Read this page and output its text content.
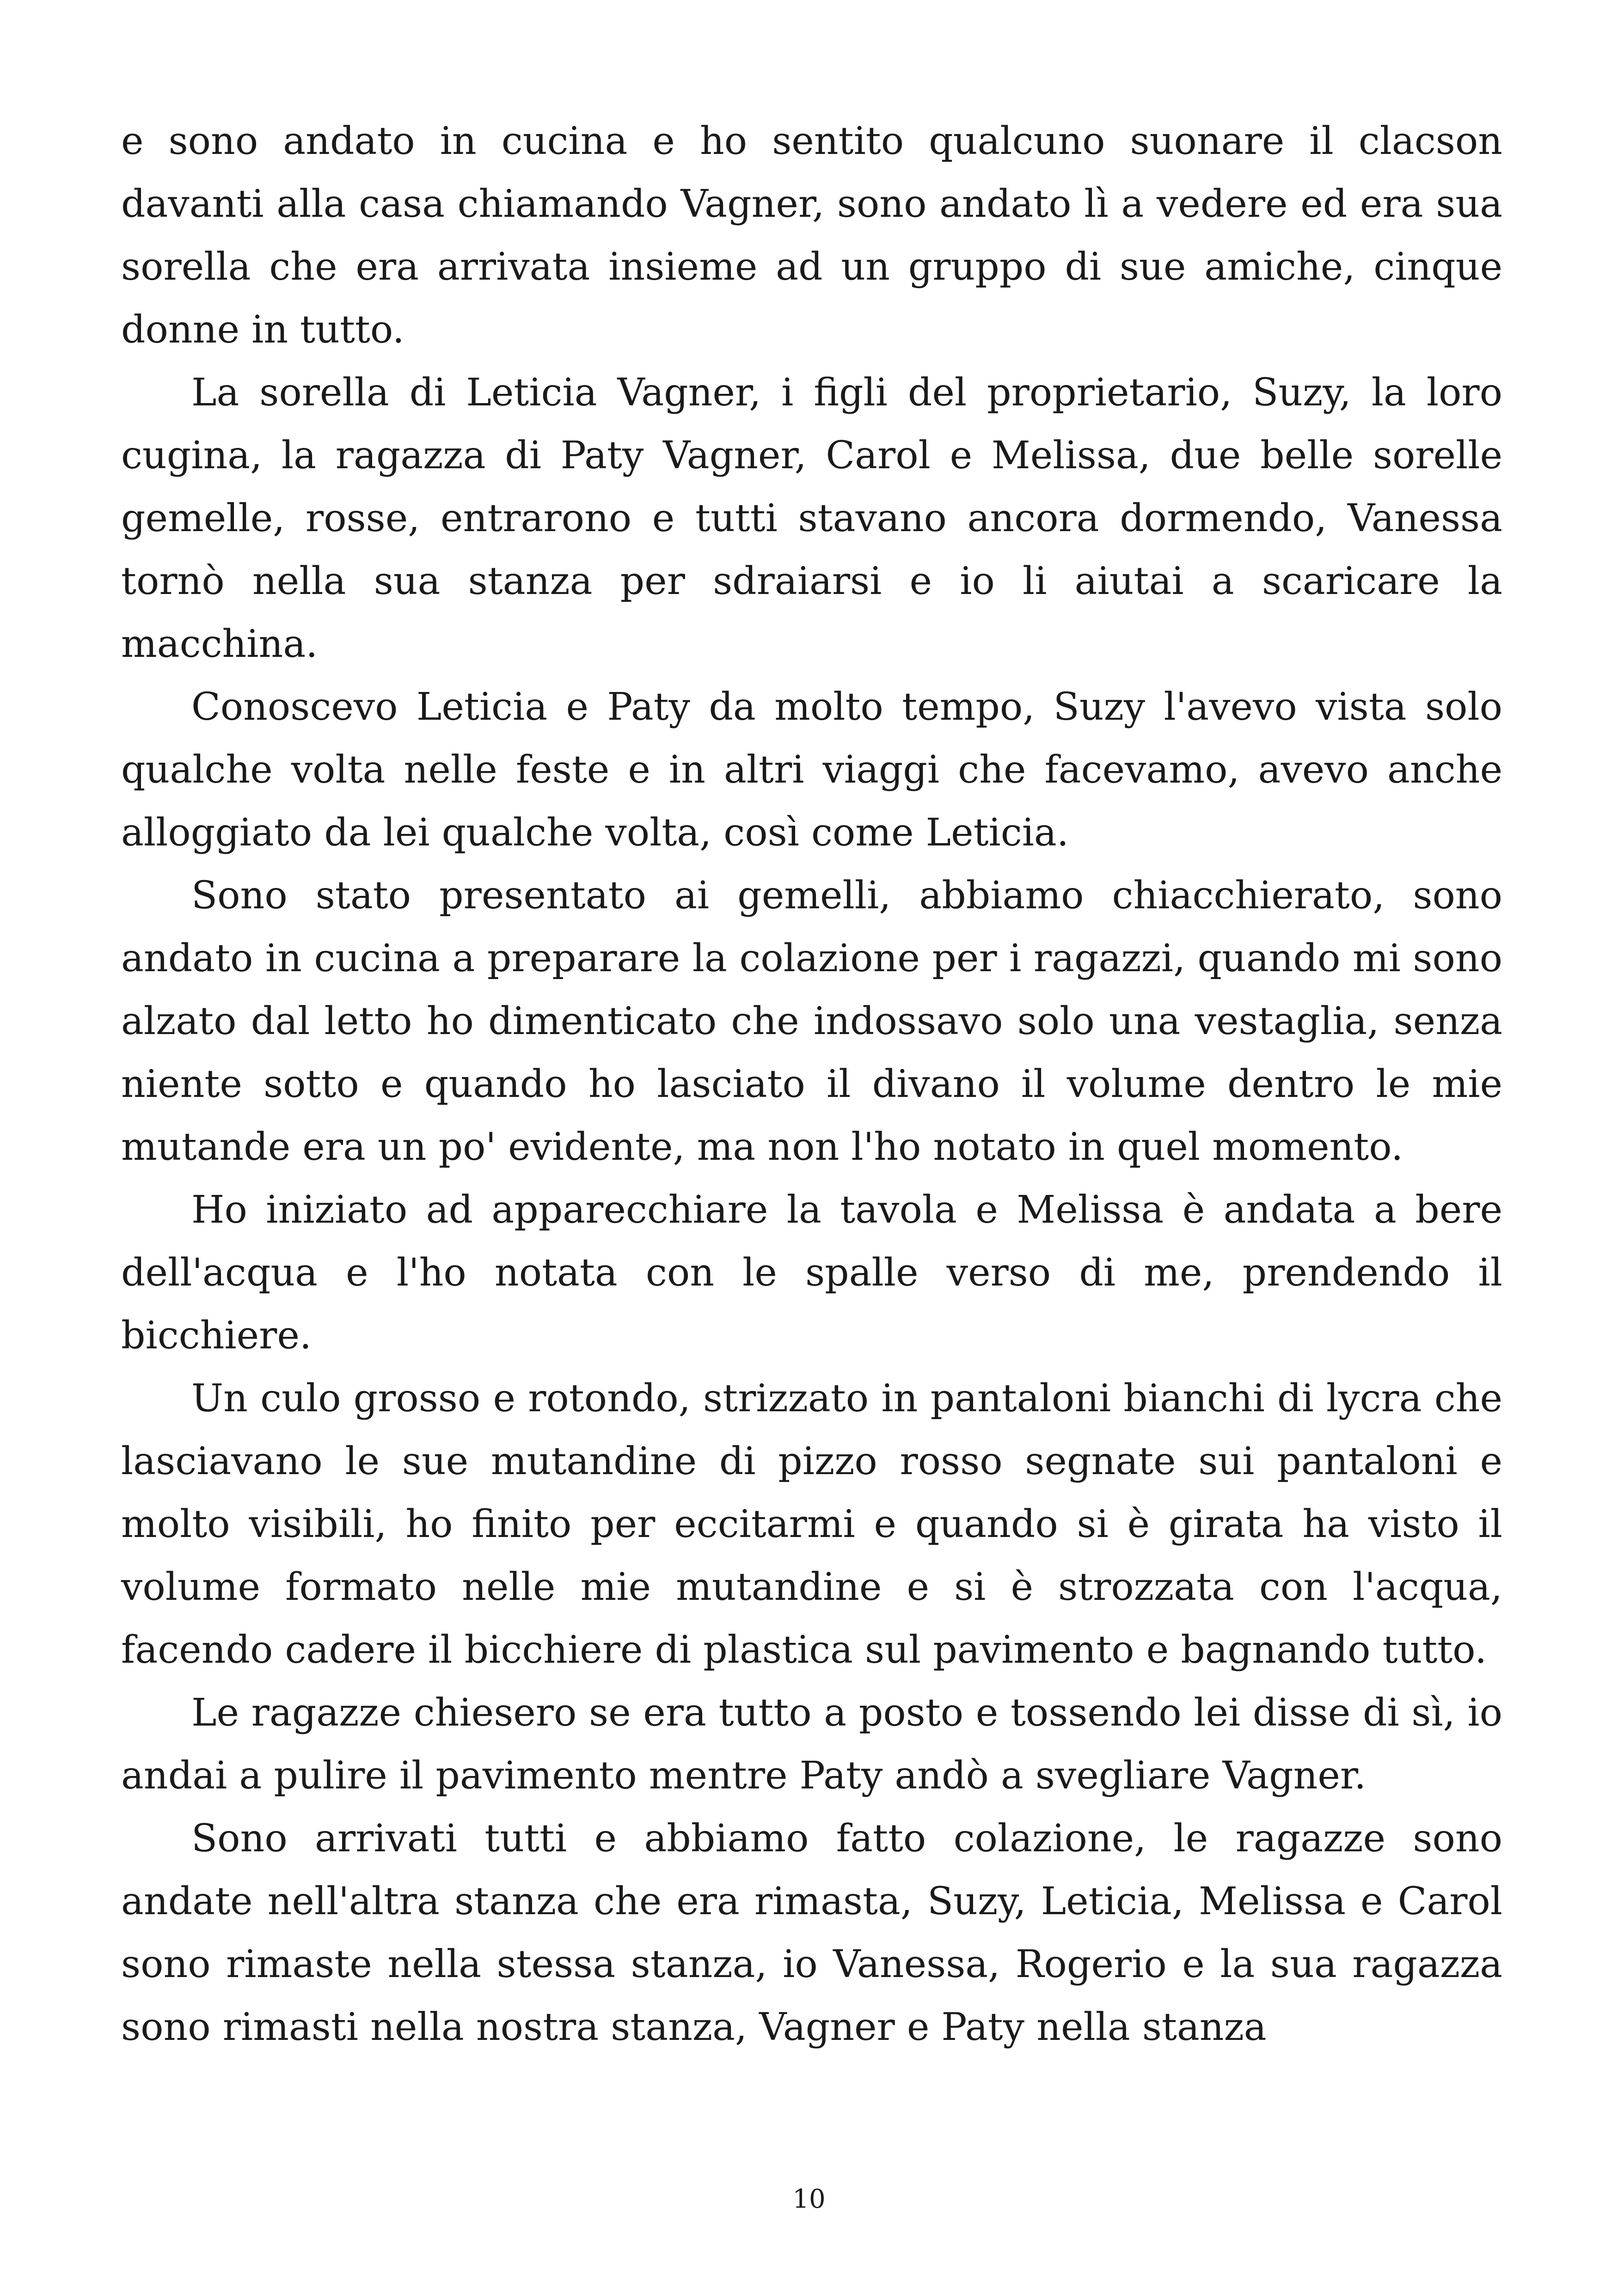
e sono andato in cucina e ho sentito qualcuno suonare il clacson davanti alla casa chiamando Vagner, sono andato lì a vedere ed era sua sorella che era arrivata insieme ad un gruppo di sue amiche, cinque donne in tutto.

La sorella di Leticia Vagner, i figli del proprietario, Suzy, la loro cugina, la ragazza di Paty Vagner, Carol e Melissa, due belle sorelle gemelle, rosse, entrarono e tutti stavano ancora dormendo, Vanessa tornò nella sua stanza per sdraiarsi e io li aiutai a scaricare la macchina.

Conoscevo Leticia e Paty da molto tempo, Suzy l'avevo vista solo qualche volta nelle feste e in altri viaggi che facevamo, avevo anche alloggiato da lei qualche volta, così come Leticia.

Sono stato presentato ai gemelli, abbiamo chiacchierato, sono andato in cucina a preparare la colazione per i ragazzi, quando mi sono alzato dal letto ho dimenticato che indossavo solo una vestaglia, senza niente sotto e quando ho lasciato il divano il volume dentro le mie mutande era un po' evidente, ma non l'ho notato in quel momento.

Ho iniziato ad apparecchiare la tavola e Melissa è andata a bere dell'acqua e l'ho notata con le spalle verso di me, prendendo il bicchiere.

Un culo grosso e rotondo, strizzato in pantaloni bianchi di lycra che lasciavano le sue mutandine di pizzo rosso segnate sui pantaloni e molto visibili, ho finito per eccitarmi e quando si è girata ha visto il volume formato nelle mie mutandine e si è strozzata con l'acqua, facendo cadere il bicchiere di plastica sul pavimento e bagnando tutto.

Le ragazze chiesero se era tutto a posto e tossendo lei disse di sì, io andai a pulire il pavimento mentre Paty andò a svegliare Vagner.

Sono arrivati tutti e abbiamo fatto colazione, le ragazze sono andate nell'altra stanza che era rimasta, Suzy, Leticia, Melissa e Carol sono rimaste nella stessa stanza, io Vanessa, Rogerio e la sua ragazza sono rimasti nella nostra stanza, Vagner e Paty nella stanza

10
